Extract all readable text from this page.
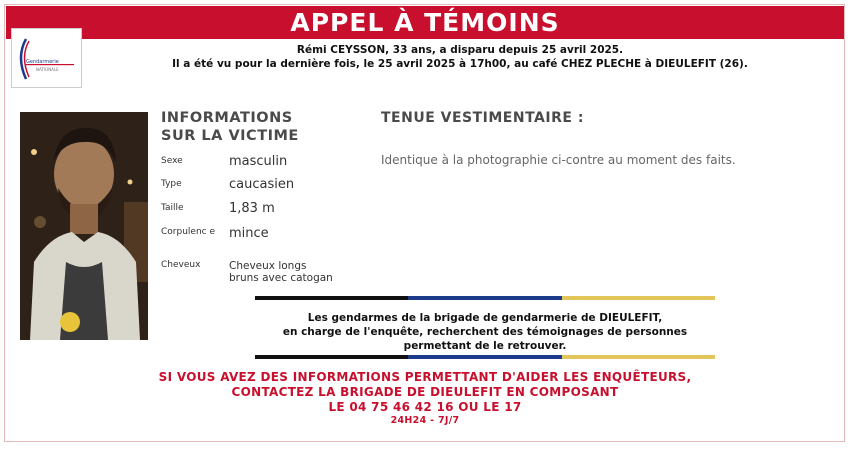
APPEL À TÉMOINS
Gendarmerie
NATIONALE
Rémi CEYSSON, 33 ans, a disparu depuis 25 avril 2025.
Il a été vu pour la dernière fois, le 25 avril 2025 à 17h00, au café CHEZ PLECHE à DIEULEFIT (26).
INFORMATIONS
SUR LA VICTIME
Sexe	masculin
Type	caucasien
Taille	1,83 m
Corpulenc e	mince
Cheveux	Cheveux longs
bruns avec catogan
TENUE VESTIMENTAIRE :
Identique à la photographie ci-contre au moment des faits.
Les gendarmes de la brigade de gendarmerie de DIEULEFIT,
en charge de l'enquête, recherchent des témoignages de personnes
permettant de le retrouver.
SI VOUS AVEZ DES INFORMATIONS PERMETTANT D'AIDER LES ENQUÊTEURS,
CONTACTEZ LA BRIGADE DE DIEULEFIT EN COMPOSANT
LE 04 75 46 42 16 OU LE 17
24H24 - 7J/7
